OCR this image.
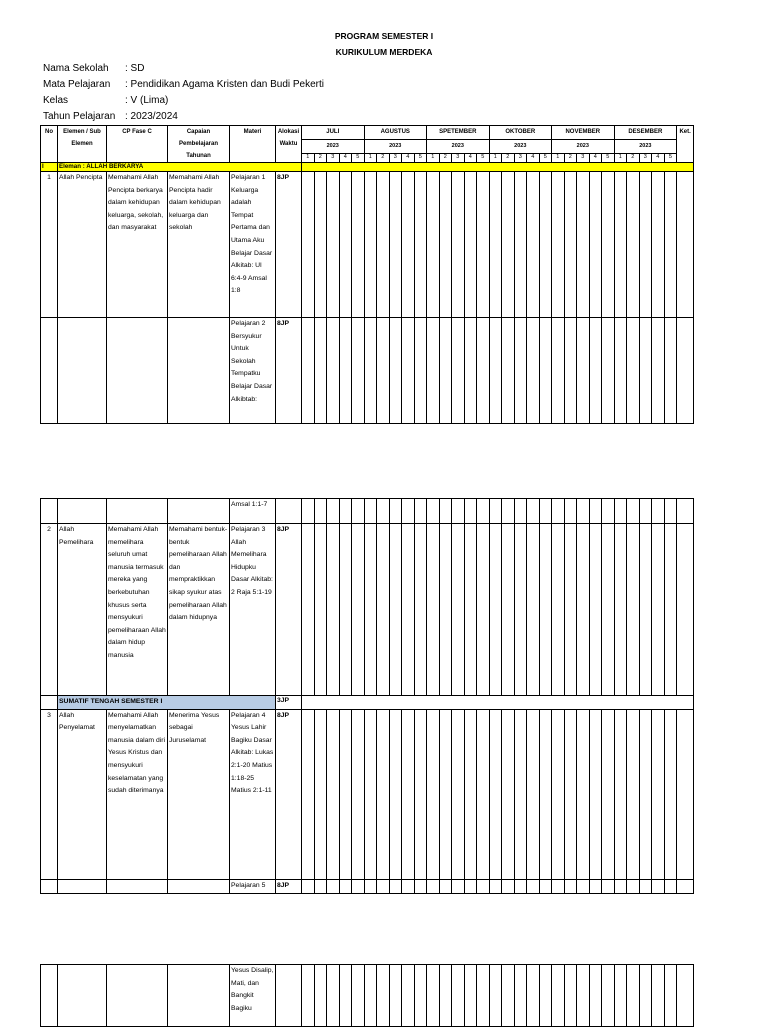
PROGRAM SEMESTER I
KURIKULUM MERDEKA
Nama Sekolah : SD
Mata Pelajaran : Pendidikan Agama Kristen dan Budi Pekerti
Kelas	: V (Lima)
Tahun Pelajaran : 2023/2024
No	Elemen / Sub Elemen	CP Fase C	Capaian Pembelajaran Tahunan	Materi	Alokasi Waktu	JULI					AGUSTUS					SPETEMBER					OKTOBER					NOVEMBER					DESEMBER					Ket.
						2023					2023					2023					2023					2023					2023					
						1	2	3	4	5	1	2	3	4	5	1	2	3	4	5	1	2	3	4	5	1	2	3	4	5	1	2	3	4	5	
I	Eleman : ALLAH BERKARYA																																			
1	Allah Pencipta	Memahami Allah Pencipta berkarya dalam kehidupan keluarga, sekolah, dan masyarakat	Memahami Allah Pencipta hadir dalam kehidupan keluarga dan sekolah	Pelajaran 1 Keluarga adalah Tempat Pertama dan Utama Aku Belajar Dasar Alkitab: Ul 6:4-9 Amsal 1:8	8JP																															
				Pelajaran 2 Bersyukur Untuk Sekolah Tempatku Belajar Dasar Alkibtab:	8JP																															
				Amsal 1:1-7																																
2	Allah Pemelihara	Memahami Allah memelihara seluruh umat manusia termasuk mereka yang berkebutuhan khusus serta mensyukuri pemeliharaan Allah dalam hidup manusia	Memahami bentuk-bentuk pemeliharaan Allah dan mempraktikkan sikap syukur atas pemeliharaan Allah dalam hidupnya	Pelajaran 3 Allah Memelihara Hidupku Dasar Alkitab: 2 Raja 5:1-19	8JP																															
	SUMATIF TENGAH SEMESTER I				3JP																															
3	Allah Penyelamat	Memahami Allah menyelamatkan manusia dalam diri Yesus Kristus dan mensyukuri keselamatan yang sudah diterimanya	Menerima Yesus sebagai Juruselamat	Pelajaran 4 Yesus Lahir Bagiku Dasar Alkitab: Lukas 2:1-20 Matius 1:18-25 Matius 2:1-11	8JP																															
				Pelajaran 5	8JP																															
				Yesus Disalip, Mati, dan Bangkit Bagiku																																
